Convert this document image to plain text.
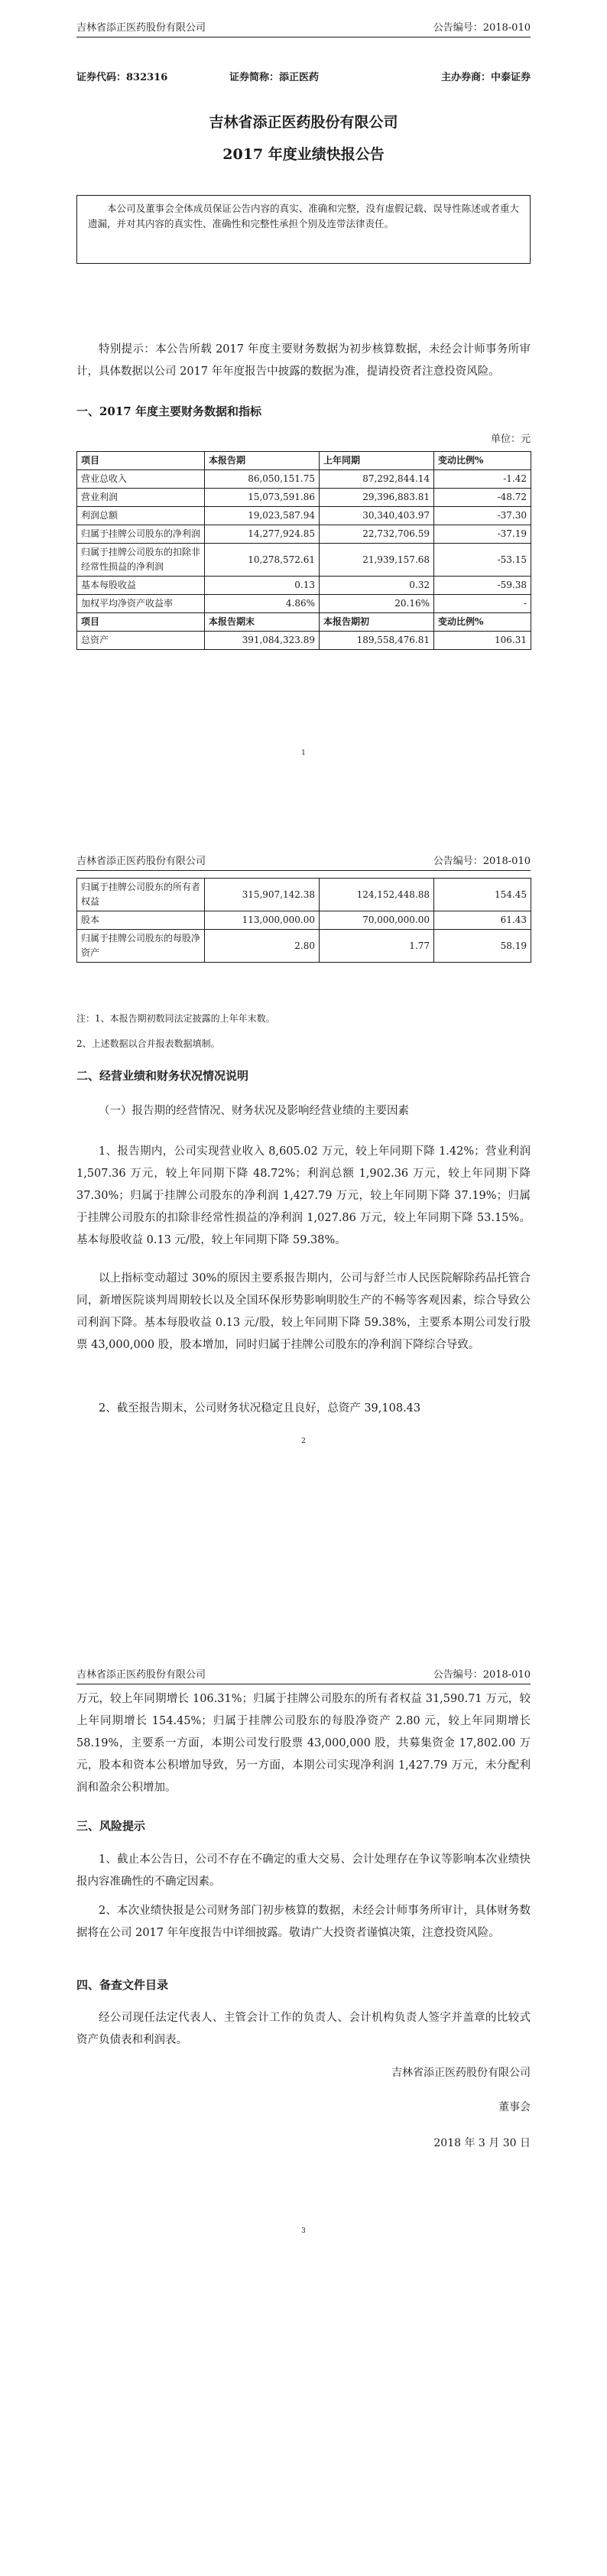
吉林省添正医药股份有限公司	公告编号：2018-010

证券代码：832316	证券简称：添正医药	主办券商：中泰证券
吉林省添正医药股份有限公司
2017 年度业绩快报公告
本公司及董事会全体成员保证公告内容的真实、准确和完整，没有虚假记载、误导性陈述或者重大遗漏，并对其内容的真实性、准确性和完整性承担个别及连带法律责任。
特别提示：本公告所载 2017 年度主要财务数据为初步核算数据，未经会计师事务所审计，具体数据以公司 2017 年年度报告中披露的数据为准，提请投资者注意投资风险。
一、2017 年度主要财务数据和指标
单位：元
项目	本报告期	上年同期	变动比例%
营业总收入	86,050,151.75	87,292,844.14	-1.42
营业利润	15,073,591.86	29,396,883.81	-48.72
利润总额	19,023,587.94	30,340,403.97	-37.30
归属于挂牌公司股东的净利润	14,277,924.85	22,732,706.59	-37.19
归属于挂牌公司股东的扣除非经常性损益的净利润	10,278,572.61	21,939,157.68	-53.15
基本每股收益	0.13	0.32	-59.38
加权平均净资产收益率	4.86%	20.16%	-
项目	本报告期末	本报告期初	变动比例%
总资产	391,084,323.89	189,558,476.81	106.31
1
吉林省添正医药股份有限公司	公告编号：2018-010

归属于挂牌公司股东的所有者权益	315,907,142.38	124,152,448.88	154.45
股本	113,000,000.00	70,000,000.00	61.43
归属于挂牌公司股东的每股净资产	2.80	1.77	58.19
注：1、本报告期初数同法定披露的上年年末数。
2、上述数据以合并报表数据填制。
二、经营业绩和财务状况情况说明
（一）报告期的经营情况、财务状况及影响经营业绩的主要因素
1、报告期内，公司实现营业收入 8,605.02 万元，较上年同期下降 1.42%；营业利润 1,507.36 万元，较上年同期下降 48.72%；利润总额 1,902.36 万元，较上年同期下降 37.30%；归属于挂牌公司股东的净利润 1,427.79 万元，较上年同期下降 37.19%；归属于挂牌公司股东的扣除非经常性损益的净利润 1,027.86 万元，较上年同期下降 53.15%。基本每股收益 0.13 元/股，较上年同期下降 59.38%。
以上指标变动超过 30%的原因主要系报告期内，公司与舒兰市人民医院解除药品托管合同，新增医院谈判周期较长以及全国环保形势影响明胶生产的不畅等客观因素，综合导致公司利润下降。基本每股收益 0.13 元/股，较上年同期下降 59.38%，主要系本期公司发行股票 43,000,000 股，股本增加，同时归属于挂牌公司股东的净利润下降综合导致。
2、截至报告期末，公司财务状况稳定且良好，总资产 39,108.43
2
吉林省添正医药股份有限公司	公告编号：2018-010

万元，较上年同期增长 106.31%；归属于挂牌公司股东的所有者权益 31,590.71 万元，较上年同期增长 154.45%；归属于挂牌公司股东的每股净资产 2.80 元，较上年同期增长 58.19%，主要系一方面，本期公司发行股票 43,000,000 股，共募集资金 17,802.00 万元，股本和资本公积增加导致，另一方面，本期公司实现净利润 1,427.79 万元，未分配利润和盈余公积增加。
三、风险提示
1、截止本公告日，公司不存在不确定的重大交易、会计处理存在争议等影响本次业绩快报内容准确性的不确定因素。
2、本次业绩快报是公司财务部门初步核算的数据，未经会计师事务所审计，具体财务数据将在公司 2017 年年度报告中详细披露。敬请广大投资者谨慎决策，注意投资风险。
四、备查文件目录
经公司现任法定代表人、主管会计工作的负责人、会计机构负责人签字并盖章的比较式资产负债表和利润表。
吉林省添正医药股份有限公司
董事会
2018 年 3 月 30 日
3
